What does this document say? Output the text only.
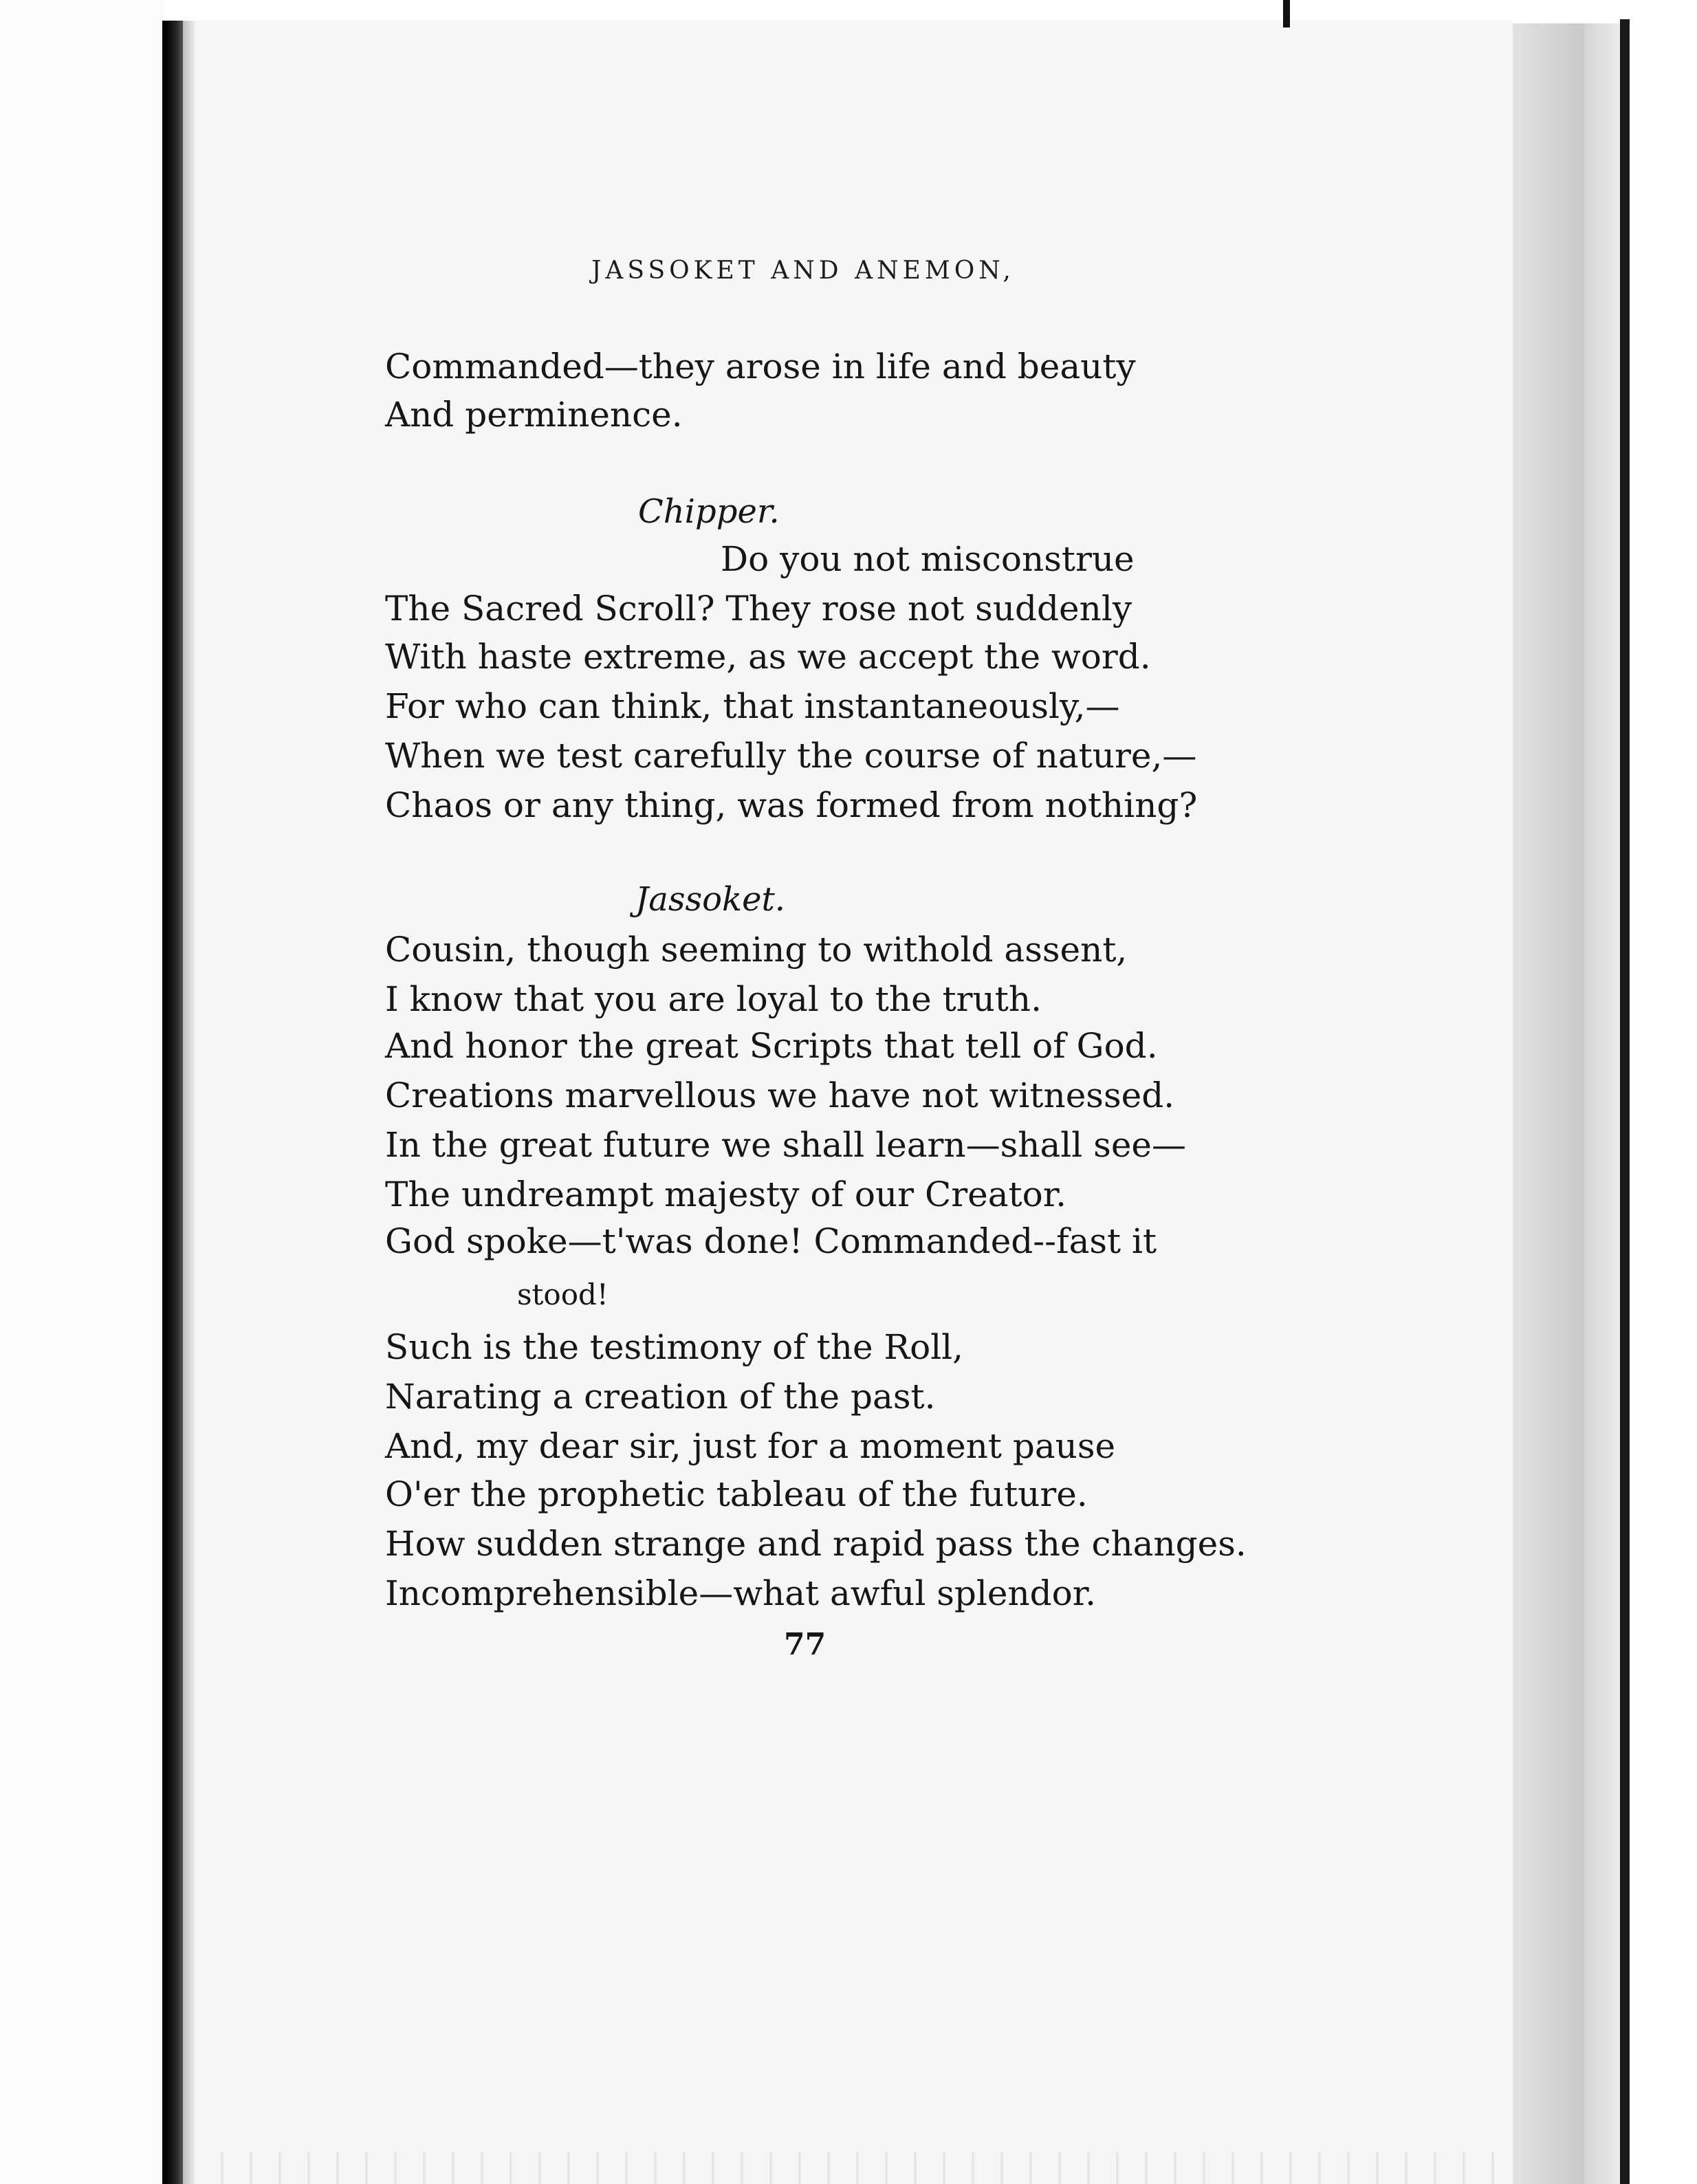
JASSOKET AND ANEMON,
Commanded—they arose in life and beauty
And perminence.
Chipper.
Do you not misconstrue
The Sacred Scroll? They rose not suddenly
With haste extreme, as we accept the word.
For who can think, that instantaneously,—
When we test carefully the course of nature,—
Chaos or any thing, was formed from nothing?
Jassoket.
Cousin, though seeming to withold assent,
I know that you are loyal to the truth.
And honor the great Scripts that tell of God.
Creations marvellous we have not witnessed.
In the great future we shall learn—shall see—
The undreampt majesty of our Creator.
God spoke—t'was done! Commanded--fast it
stood!
Such is the testimony of the Roll,
Narating a creation of the past.
And, my dear sir, just for a moment pause
O'er the prophetic tableau of the future.
How sudden strange and rapid pass the changes.
Incomprehensible—what awful splendor.
77
